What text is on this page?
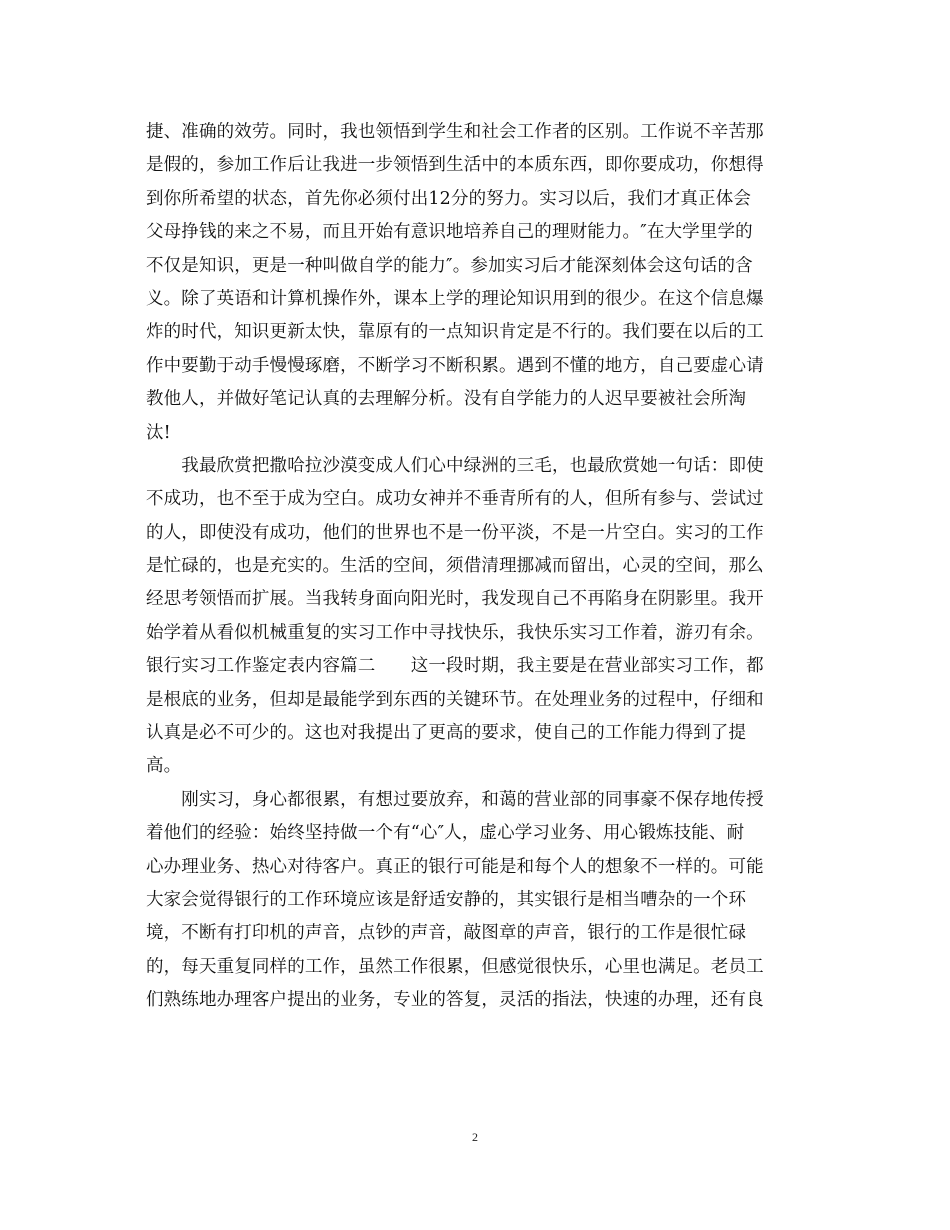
捷、准确的效劳。同时，我也领悟到学生和社会工作者的区别。工作说不辛苦那
是假的，参加工作后让我进一步领悟到生活中的本质东西，即你要成功，你想得
到你所希望的状态，首先你必须付出12分的努力。实习以后，我们才真正体会
父母挣钱的来之不易，而且开始有意识地培养自己的理财能力。″在大学里学的
不仅是知识，更是一种叫做自学的能力″。参加实习后才能深刻体会这句话的含
义。除了英语和计算机操作外，课本上学的理论知识用到的很少。在这个信息爆
炸的时代，知识更新太快，靠原有的一点知识肯定是不行的。我们要在以后的工
作中要勤于动手慢慢琢磨，不断学习不断积累。遇到不懂的地方，自己要虚心请
教他人，并做好笔记认真的去理解分析。没有自学能力的人迟早要被社会所淘
汰!
　　我最欣赏把撒哈拉沙漠变成人们心中绿洲的三毛，也最欣赏她一句话：即使
不成功，也不至于成为空白。成功女神并不垂青所有的人，但所有参与、尝试过
的人，即使没有成功，他们的世界也不是一份平淡，不是一片空白。实习的工作
是忙碌的，也是充实的。生活的空间，须借清理挪减而留出，心灵的空间，那么
经思考领悟而扩展。当我转身面向阳光时，我发现自己不再陷身在阴影里。我开
始学着从看似机械重复的实习工作中寻找快乐，我快乐实习工作着，游刃有余。
银行实习工作鉴定表内容篇二　　这一段时期，我主要是在营业部实习工作，都
是根底的业务，但却是最能学到东西的关键环节。在处理业务的过程中，仔细和
认真是必不可少的。这也对我提出了更高的要求，使自己的工作能力得到了提
高。
　　刚实习，身心都很累，有想过要放弃，和蔼的营业部的同事豪不保存地传授
着他们的经验：始终坚持做一个有“心″人，虚心学习业务、用心锻炼技能、耐
心办理业务、热心对待客户。真正的银行可能是和每个人的想象不一样的。可能
大家会觉得银行的工作环境应该是舒适安静的，其实银行是相当嘈杂的一个环
境，不断有打印机的声音，点钞的声音，敲图章的声音，银行的工作是很忙碌
的，每天重复同样的工作，虽然工作很累，但感觉很快乐，心里也满足。老员工
们熟练地办理客户提出的业务，专业的答复，灵活的指法，快速的办理，还有良
2
